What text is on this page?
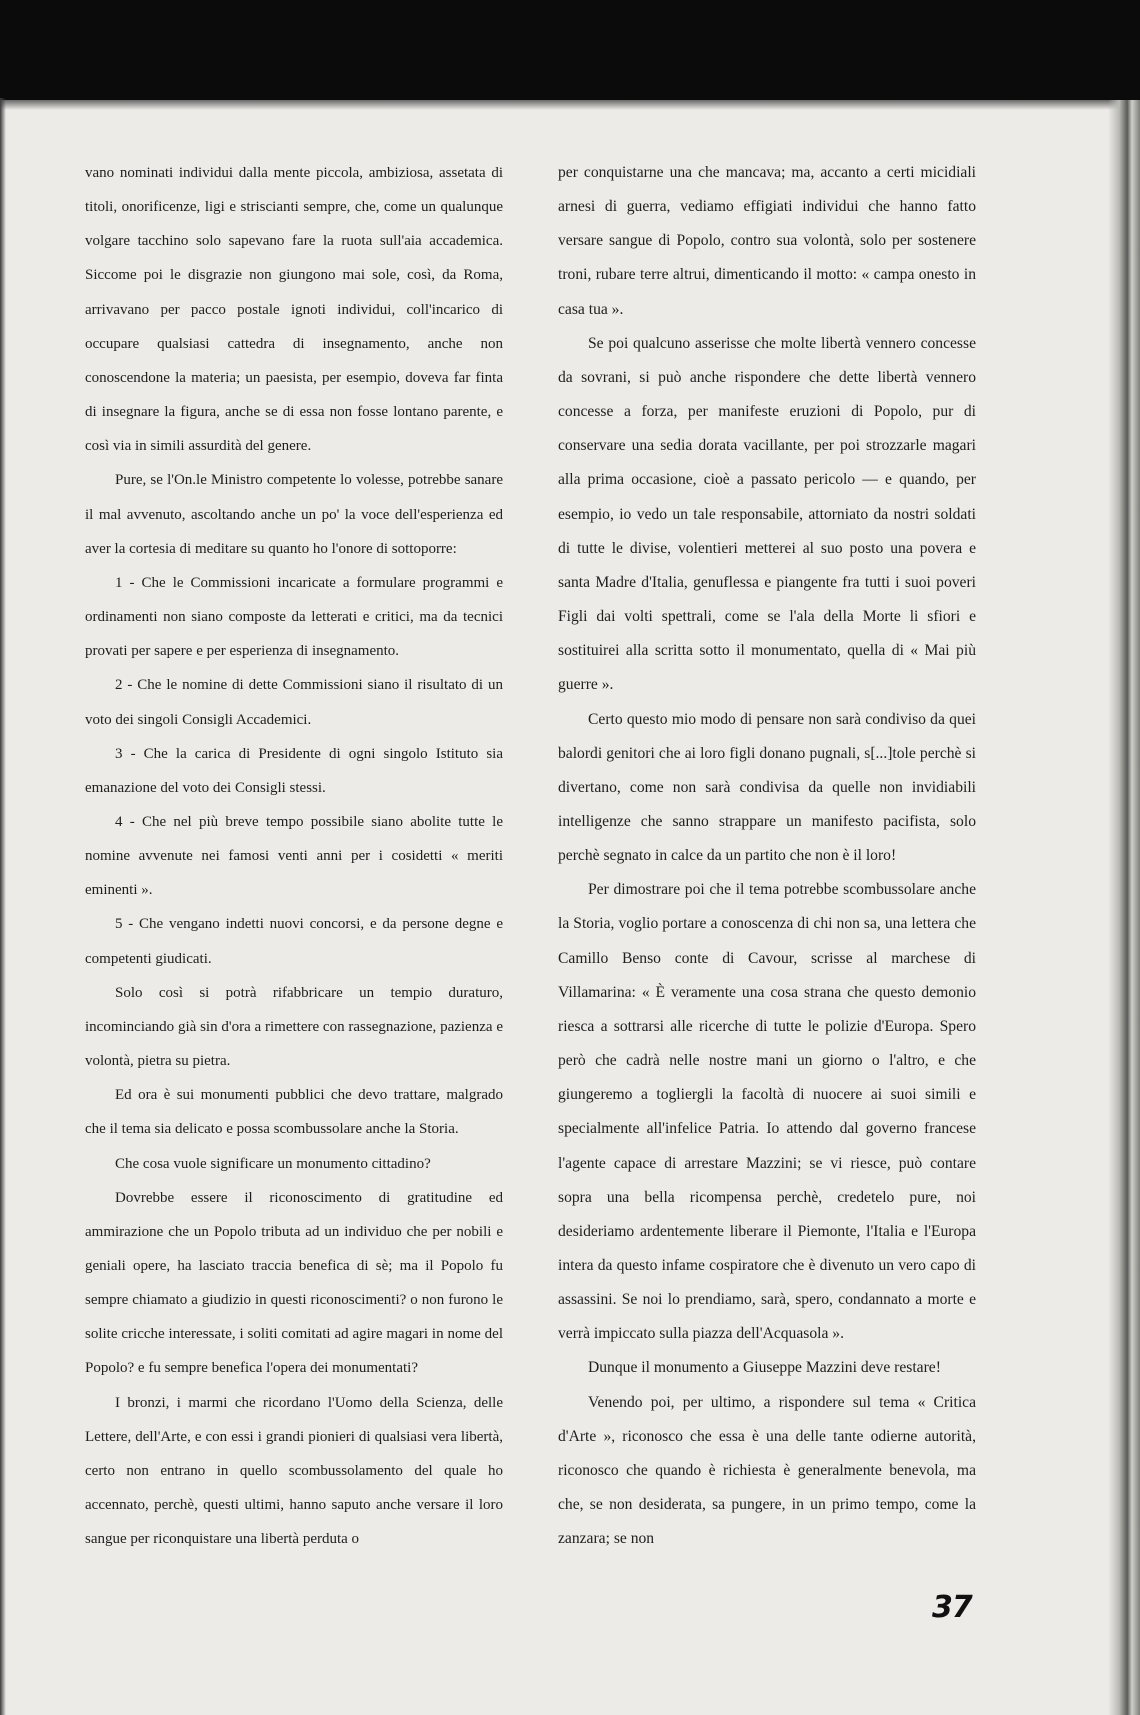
vano nominati individui dalla mente piccola, ambiziosa, assetata di titoli, onorificenze, ligi e striscianti sempre, che, come un qualunque volgare tacchino solo sapevano fare la ruota sull'aia accademica. Siccome poi le disgrazie non giungono mai sole, così, da Roma, arrivavano per pacco postale ignoti individui, coll'incarico di occupare qualsiasi cattedra di insegnamento, anche non conoscendone la materia; un paesista, per esempio, doveva far finta di insegnare la figura, anche se di essa non fosse lontano parente, e così via in simili assurdità del genere.

Pure, se l'On.le Ministro competente lo volesse, potrebbe sanare il mal avvenuto, ascoltando anche un po' la voce dell'esperienza ed aver la cortesia di meditare su quanto ho l'onore di sottoporre:

1 - Che le Commissioni incaricate a formulare programmi e ordinamenti non siano composte da letterati e critici, ma da tecnici provati per sapere e per esperienza di insegnamento.

2 - Che le nomine di dette Commissioni siano il risultato di un voto dei singoli Consigli Accademici.

3 - Che la carica di Presidente di ogni singolo Istituto sia emanazione del voto dei Consigli stessi.

4 - Che nel più breve tempo possibile siano abolite tutte le nomine avvenute nei famosi venti anni per i cosidetti « meriti eminenti ».

5 - Che vengano indetti nuovi concorsi, e da persone degne e competenti giudicati.

Solo così si potrà rifabbricare un tempio duraturo, incominciando già sin d'ora a rimettere con rassegnazione, pazienza e volontà, pietra su pietra.

Ed ora è sui monumenti pubblici che devo trattare, malgrado che il tema sia delicato e possa scombussolare anche la Storia.

Che cosa vuole significare un monumento cittadino?

Dovrebbe essere il riconoscimento di gratitudine ed ammirazione che un Popolo tributa ad un individuo che per nobili e geniali opere, ha lasciato traccia benefica di sè; ma il Popolo fu sempre chiamato a giudizio in questi riconoscimenti? o non furono le solite cricche interessate, i soliti comitati ad agire magari in nome del Popolo? e fu sempre benefica l'opera dei monumentati?

I bronzi, i marmi che ricordano l'Uomo della Scienza, delle Lettere, dell'Arte, e con essi i grandi pionieri di qualsiasi vera libertà, certo non entrano in quello scombussolamento del quale ho accennato, perchè, questi ultimi, hanno saputo anche versare il loro sangue per riconquistare una libertà perduta o

per conquistarne una che mancava; ma, accanto a certi micidiali arnesi di guerra, vediamo effigiati individui che hanno fatto versare sangue di Popolo, contro sua volontà, solo per sostenere troni, rubare terre altrui, dimenticando il motto: « campa onesto in casa tua ».

Se poi qualcuno asserisse che molte libertà vennero concesse da sovrani, si può anche rispondere che dette libertà vennero concesse a forza, per manifeste eruzioni di Popolo, pur di conservare una sedia dorata vacillante, per poi strozzarle magari alla prima occasione, cioè a passato pericolo — e quando, per esempio, io vedo un tale responsabile, attorniato da nostri soldati di tutte le divise, volentieri metterei al suo posto una povera e santa Madre d'Italia, genuflessa e piangente fra tutti i suoi poveri Figli dai volti spettrali, come se l'ala della Morte li sfiori e sostituirei alla scritta sotto il monumentato, quella di « Mai più guerre ».

Certo questo mio modo di pensare non sarà condiviso da quei balordi genitori che ai loro figli donano pugnali, s[...]tole perchè si divertano, come non sarà condivisa da quelle non invidiabili intelligenze che sanno strappare un manifesto pacifista, solo perchè segnato in calce da un partito che non è il loro!

Per dimostrare poi che il tema potrebbe scombussolare anche la Storia, voglio portare a conoscenza di chi non sa, una lettera che Camillo Benso conte di Cavour, scrisse al marchese di Villamarina: « È veramente una cosa strana che questo demonio riesca a sottrarsi alle ricerche di tutte le polizie d'Europa. Spero però che cadrà nelle nostre mani un giorno o l'altro, e che giungeremo a togliergli la facoltà di nuocere ai suoi simili e specialmente all'infelice Patria. Io attendo dal governo francese l'agente capace di arrestare Mazzini; se vi riesce, può contare sopra una bella ricompensa perchè, credetelo pure, noi desideriamo ardentemente liberare il Piemonte, l'Italia e l'Europa intera da questo infame cospiratore che è divenuto un vero capo di assassini. Se noi lo prendiamo, sarà, spero, condannato a morte e verrà impiccato sulla piazza dell'Acquasola ».

Dunque il monumento a Giuseppe Mazzini deve restare!

Venendo poi, per ultimo, a rispondere sul tema « Critica d'Arte », riconosco che essa è una delle tante odierne autorità, riconosco che quando è richiesta è generalmente benevola, ma che, se non desiderata, sa pungere, in un primo tempo, come la zanzara; se non

37
